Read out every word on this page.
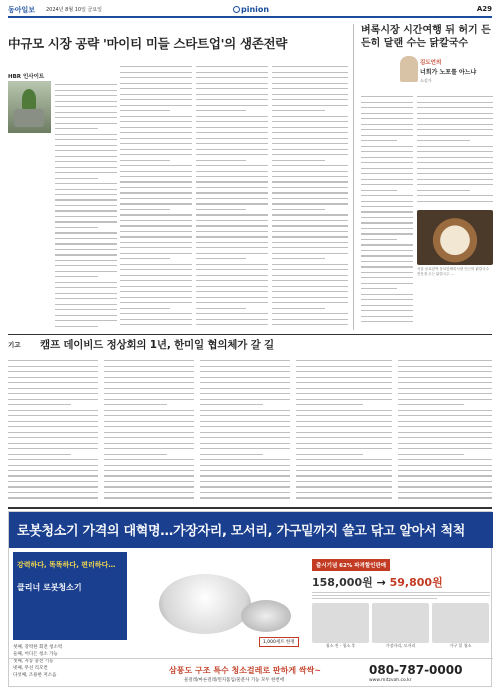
동아일보 2024년 8월 10일 금요일	pinion	A29
中규모 시장 공략 '마이티 미들 스타트업'의 생존전략
HBR 인사이트
벼록시장 시간여행 뒤 허기 든든히 달랜 수는 닭칼국수
김도언의
너희가 노포를 아느냐
소설가
서울 동묘앞역 동묘앞벼록시장 인근의 닭칼국수 전문점 수는 닭칼국수 …
기고 캠프 데이비드 정상회의 1년, 한미일 협의체가 갈 길
로봇청소기 가격의 대혁명…가장자리, 모서리, 가구밑까지 쓸고 닦고 알아서 척척
강력하다, 똑똑하다, 편리하다…
클리너 로봇청소기
첫째, 강력한 회전 청소력
둘째, 어디든 청소 가능
셋째, 자동 충전 기능
넷째, 무선 리모컨
다섯째, 조용한 저소음
1,000세트 한정
출시기념 62% 파격할인판매
158,000원 → 59,800원
청소 전 - 청소 후	가장자리, 모서리	가구 밑 청소
삼풍도 구조 특수 청소걸레로 판하게 싹싹~
물걸레/마른걸레/먼지흡입/물분사 기능 모두 한번에
080-787-0000
www.mitzvah.co.kr
